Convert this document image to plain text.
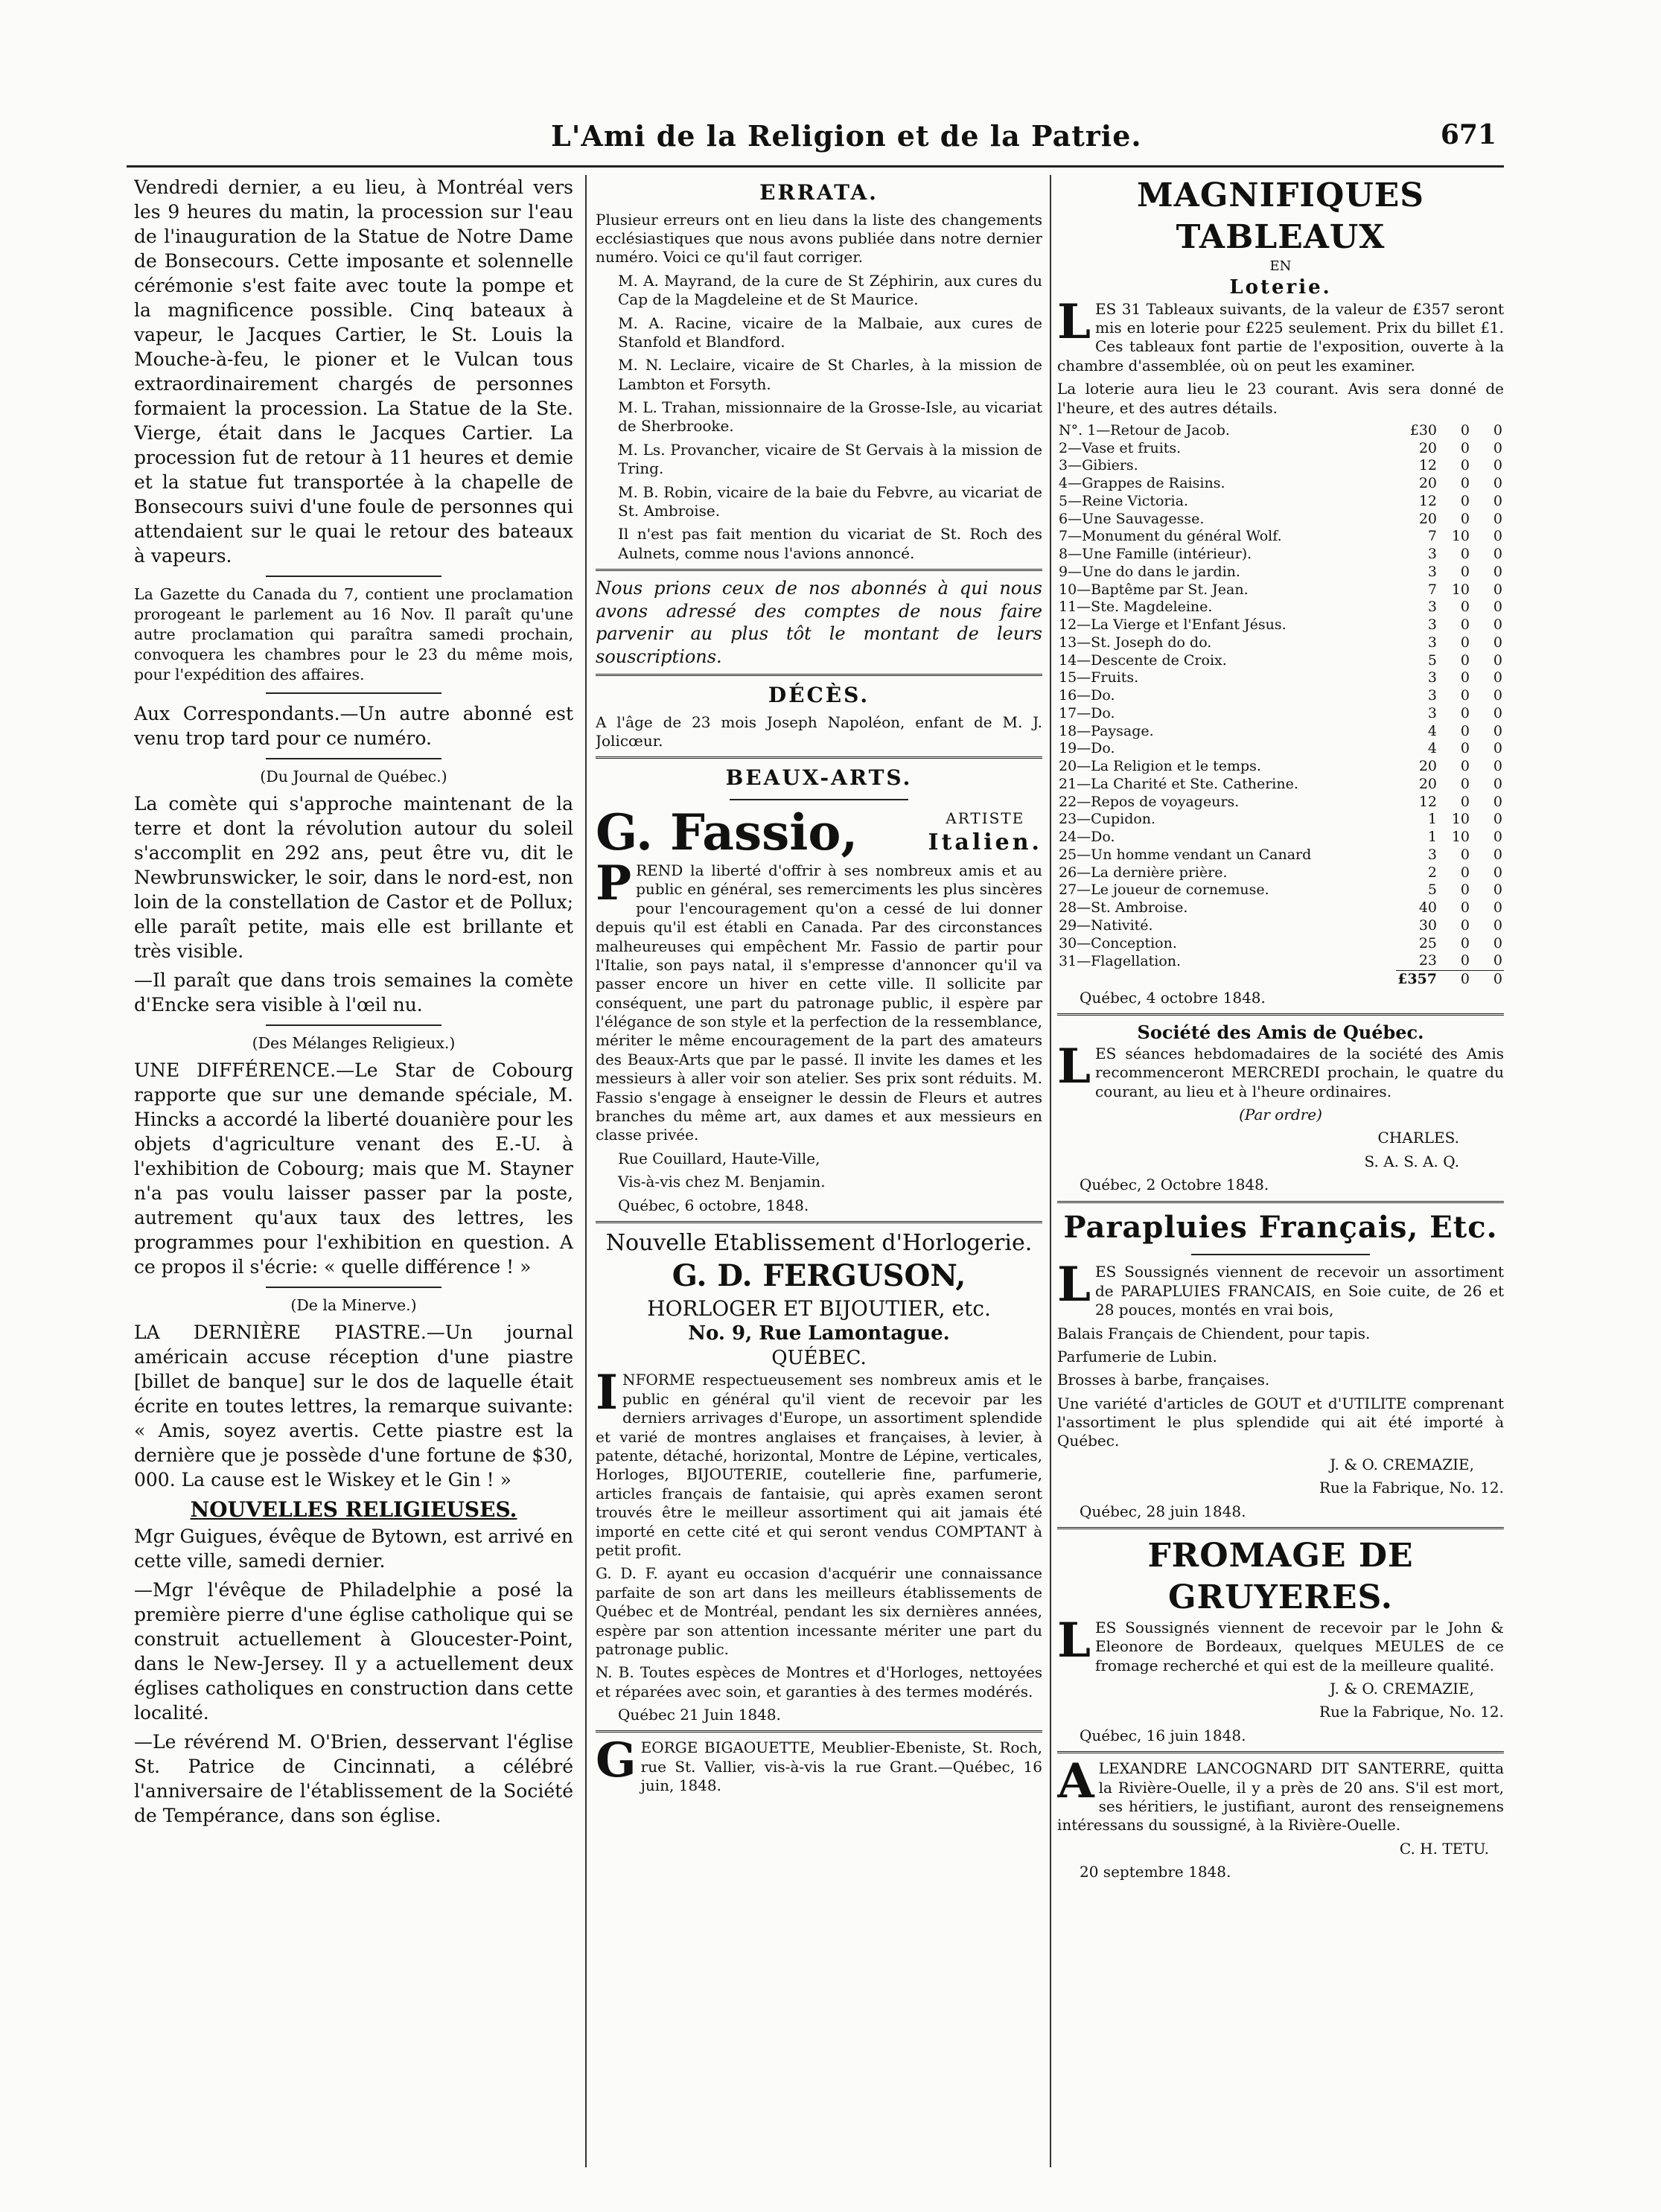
L'Ami de la Religion et de la Patrie.	671

Vendredi dernier, a eu lieu, à Montréal vers les 9 heures du matin, la procession sur l'eau de l'inauguration de la Statue de Notre Dame de Bonsecours. Cette imposante et solennelle cérémonie s'est faite avec toute la pompe et la magnificence possible. Cinq bateaux à vapeur, le Jacques Cartier, le St. Louis la Mouche-à-feu, le pioner et le Vulcan tous extraordinairement chargés de personnes formaient la procession. La Statue de la Ste. Vierge, était dans le Jacques Cartier. La procession fut de retour à 11 heures et demie et la statue fut transportée à la chapelle de Bonsecours suivi d'une foule de personnes qui attendaient sur le quai le retour des bateaux à vapeurs.

La Gazette du Canada du 7, contient une proclamation prorogeant le parlement au 16 Nov. Il paraît qu'une autre proclamation qui paraîtra samedi prochain, convoquera les chambres pour le 23 du même mois, pour l'expédition des affaires.

Aux Correspondants.—Un autre abonné est venu trop tard pour ce numéro.

(Du Journal de Québec.)

La comète qui s'approche maintenant de la terre et dont la révolution autour du soleil s'accomplit en 292 ans, peut être vu, dit le Newbrunswicker, le soir, dans le nord-est, non loin de la constellation de Castor et de Pollux; elle paraît petite, mais elle est brillante et très visible.

—Il paraît que dans trois semaines la comète d'Encke sera visible à l'œil nu.

(Des Mélanges Religieux.)

UNE DIFFÉRENCE.—Le Star de Cobourg rapporte que sur une demande spéciale, M. Hincks a accordé la liberté douanière pour les objets d'agriculture venant des E.-U. à l'exhibition de Cobourg; mais que M. Stayner n'a pas voulu laisser passer par la poste, autrement qu'aux taux des lettres, les programmes pour l'exhibition en question. A ce propos il s'écrie: « quelle différence ! »

(De la Minerve.)

LA DERNIÈRE PIASTRE.—Un journal américain accuse réception d'une piastre [billet de banque] sur le dos de laquelle était écrite en toutes lettres, la remarque suivante: « Amis, soyez avertis. Cette piastre est la dernière que je possède d'une fortune de $30, 000. La cause est le Wiskey et le Gin ! »

NOUVELLES RELIGIEUSES.

Mgr Guigues, évêque de Bytown, est arrivé en cette ville, samedi dernier.

—Mgr l'évêque de Philadelphie a posé la première pierre d'une église catholique qui se construit actuellement à Gloucester-Point, dans le New-Jersey. Il y a actuellement deux églises catholiques en construction dans cette localité.

—Le révérend M. O'Brien, desservant l'église St. Patrice de Cincinnati, a célébré l'anniversaire de l'établissement de la Société de Tempérance, dans son église.

ERRATA.

Plusieur erreurs ont en lieu dans la liste des changements ecclésiastiques que nous avons publiée dans notre dernier numéro. Voici ce qu'il faut corriger.

M. A. Mayrand, de la cure de St Zéphirin, aux cures du Cap de la Magdeleine et de St Maurice.

M. A. Racine, vicaire de la Malbaie, aux cures de Stanfold et Blandford.

M. N. Leclaire, vicaire de St Charles, à la mission de Lambton et Forsyth.

M. L. Trahan, missionnaire de la Grosse-Isle, au vicariat de Sherbrooke.

M. Ls. Provancher, vicaire de St Gervais à la mission de Tring.

M. B. Robin, vicaire de la baie du Febvre, au vicariat de St. Ambroise.

Il n'est pas fait mention du vicariat de St. Roch des Aulnets, comme nous l'avions annoncé.

Nous prions ceux de nos abonnés à qui nous avons adressé des comptes de nous faire parvenir au plus tôt le montant de leurs souscriptions.

DÉCÈS.

A l'âge de 23 mois Joseph Napoléon, enfant de M. J. Jolicœur.

BEAUX-ARTS.
G. Fassio,	ARTISTE
Italien.

PREND la liberté d'offrir à ses nombreux amis et au public en général, ses remerciments les plus sincères pour l'encouragement qu'on a cessé de lui donner depuis qu'il est établi en Canada. Par des circonstances malheureuses qui empêchent Mr. Fassio de partir pour l'Italie, son pays natal, il s'empresse d'annoncer qu'il va passer encore un hiver en cette ville. Il sollicite par conséquent, une part du patronage public, il espère par l'élégance de son style et la perfection de la ressemblance, mériter le même encouragement de la part des amateurs des Beaux-Arts que par le passé. Il invite les dames et les messieurs à aller voir son atelier. Ses prix sont réduits. M. Fassio s'engage à enseigner le dessin de Fleurs et autres branches du même art, aux dames et aux messieurs en classe privée.

Rue Couillard, Haute-Ville,

Vis-à-vis chez M. Benjamin.

Québec, 6 octobre, 1848.

Nouvelle Etablissement d'Horlogerie.
G. D. FERGUSON,
HORLOGER ET BIJOUTIER, etc.
No. 9, Rue Lamontague.
QUÉBEC.

INFORME respectueusement ses nombreux amis et le public en général qu'il vient de recevoir par les derniers arrivages d'Europe, un assortiment splendide et varié de montres anglaises et françaises, à levier, à patente, détaché, horizontal, Montre de Lépine, verticales, Horloges, BIJOUTERIE, coutellerie fine, parfumerie, articles français de fantaisie, qui après examen seront trouvés être le meilleur assortiment qui ait jamais été importé en cette cité et qui seront vendus COMPTANT à petit profit.

G. D. F. ayant eu occasion d'acquérir une connaissance parfaite de son art dans les meilleurs établissements de Québec et de Montréal, pendant les six dernières années, espère par son attention incessante mériter une part du patronage public.

N. B. Toutes espèces de Montres et d'Horloges, nettoyées et réparées avec soin, et garanties à des termes modérés.

Québec 21 Juin 1848.

GEORGE BIGAOUETTE, Meublier-Ebeniste, St. Roch, rue St. Vallier, vis-à-vis la rue Grant.—Québec, 16 juin, 1848.

MAGNIFIQUES TABLEAUX
EN
Loterie.

LES 31 Tableaux suivants, de la valeur de £357 seront mis en loterie pour £225 seulement. Prix du billet £1. Ces tableaux font partie de l'exposition, ouverte à la chambre d'assemblée, où on peut les examiner.

La loterie aura lieu le 23 courant. Avis sera donné de l'heure, et des autres détails.

N°. 1—Retour de Jacob.	£30	0	0
2—Vase et fruits.	20	0	0
3—Gibiers.	12	0	0
4—Grappes de Raisins.	20	0	0
5—Reine Victoria.	12	0	0
6—Une Sauvagesse.	20	0	0
7—Monument du général Wolf.	7	10	0
8—Une Famille (intérieur).	3	0	0
9—Une do dans le jardin.	3	0	0
10—Baptême par St. Jean.	7	10	0
11—Ste. Magdeleine.	3	0	0
12—La Vierge et l'Enfant Jésus.	3	0	0
13—St. Joseph do do.	3	0	0
14—Descente de Croix.	5	0	0
15—Fruits.	3	0	0
16—Do.	3	0	0
17—Do.	3	0	0
18—Paysage.	4	0	0
19—Do.	4	0	0
20—La Religion et le temps.	20	0	0
21—La Charité et Ste. Catherine.	20	0	0
22—Repos de voyageurs.	12	0	0
23—Cupidon.	1	10	0
24—Do.	1	10	0
25—Un homme vendant un Canard	3	0	0
26—La dernière prière.	2	0	0
27—Le joueur de cornemuse.	5	0	0
28—St. Ambroise.	40	0	0
29—Nativité.	30	0	0
30—Conception.	25	0	0
31—Flagellation.	23	0	0
	£357	0	0

Québec, 4 octobre 1848.

Société des Amis de Québec.

LES séances hebdomadaires de la société des Amis recommenceront MERCREDI prochain, le quatre du courant, au lieu et à l'heure ordinaires.

(Par ordre)

CHARLES.

S. A. S. A. Q.

Québec, 2 Octobre 1848.

Parapluies Français, Etc.

LES Soussignés viennent de recevoir un assortiment de PARAPLUIES FRANCAIS, en Soie cuite, de 26 et 28 pouces, montés en vrai bois,

Balais Français de Chiendent, pour tapis.

Parfumerie de Lubin.

Brosses à barbe, françaises.

Une variété d'articles de GOUT et d'UTILITE comprenant l'assortiment le plus splendide qui ait été importé à Québec.

J. & O. CREMAZIE,

Rue la Fabrique, No. 12.

Québec, 28 juin 1848.

FROMAGE DE GRUYERES.

LES Soussignés viennent de recevoir par le John & Eleonore de Bordeaux, quelques MEULES de ce fromage recherché et qui est de la meilleure qualité.

J. & O. CREMAZIE,

Rue la Fabrique, No. 12.

Québec, 16 juin 1848.

ALEXANDRE LANCOGNARD DIT SANTERRE, quitta la Rivière-Ouelle, il y a près de 20 ans. S'il est mort, ses héritiers, le justifiant, auront des renseignemens intéressans du soussigné, à la Rivière-Ouelle.

C. H. TETU.

20 septembre 1848.
